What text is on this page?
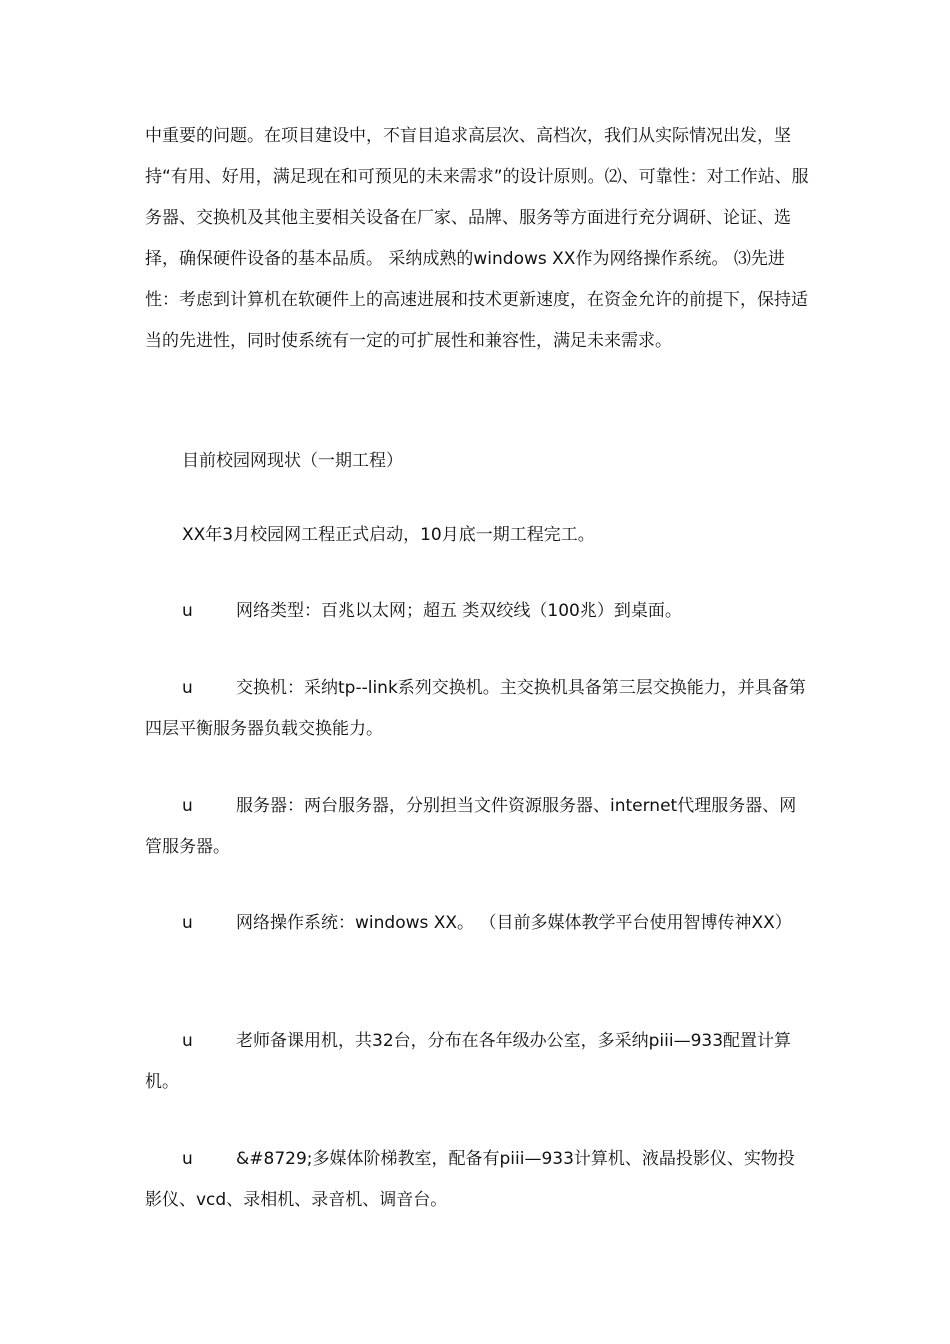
中重要的问题。在项目建设中，不盲目追求高层次、高档次，我们从实际情况出发，坚持“有用、好用，满足现在和可预见的未来需求”的设计原则。⑵、可靠性：对工作站、服务器、交换机及其他主要相关设备在厂家、品牌、服务等方面进行充分调研、论证、选择，确保硬件设备的基本品质。 采纳成熟的windows XX作为网络操作系统。 ⑶先进性：考虑到计算机在软硬件上的高速进展和技术更新速度，在资金允许的前提下，保持适当的先进性，同时使系统有一定的可扩展性和兼容性，满足未来需求。

目前校园网现状（一期工程）

XX年3月校园网工程正式启动，10月底一期工程完工。

u	网络类型：百兆以太网；超五 类双绞线（100兆）到桌面。

u	交换机：采纳tp--link系列交换机。主交换机具备第三层交换能力，并具备第四层平衡服务器负载交换能力。

u	服务器：两台服务器，分别担当文件资源服务器、internet代理服务器、网管服务器。

u	网络操作系统：windows XX。 （目前多媒体教学平台使用智博传神XX）

u	老师备课用机，共32台，分布在各年级办公室，多采纳piii—933配置计算机。

u	&#8729;多媒体阶梯教室，配备有piii—933计算机、液晶投影仪、实物投影仪、vcd、录相机、录音机、调音台。
